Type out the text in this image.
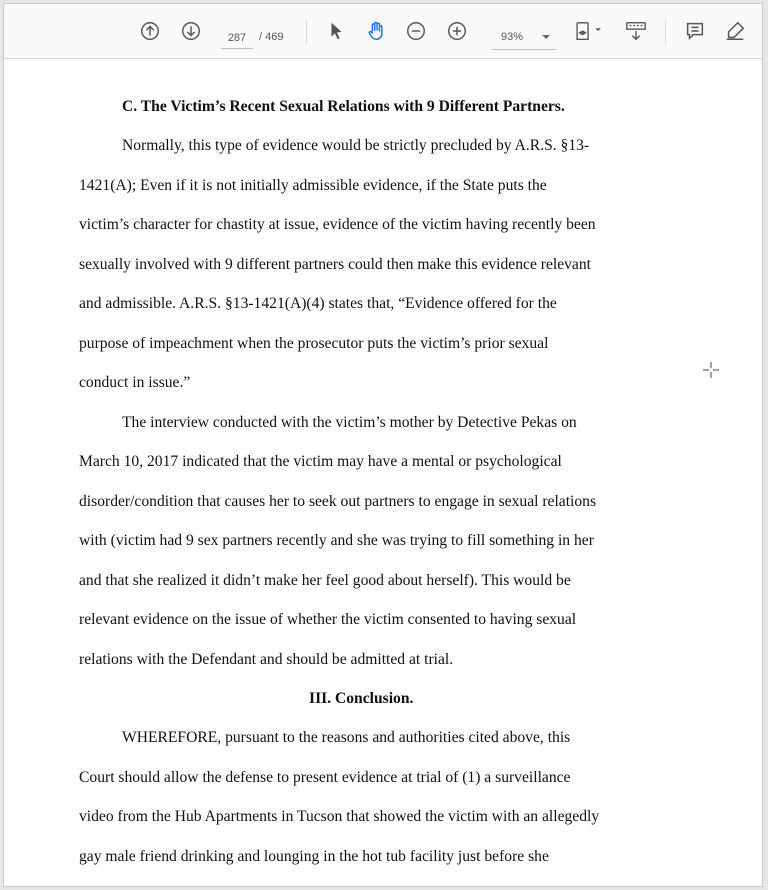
287
/ 469	93%
C. The Victim’s Recent Sexual Relations with 9 Different Partners.
Normally, this type of evidence would be strictly precluded by A.R.S. §13-
1421(A); Even if it is not initially admissible evidence, if the State puts the
victim’s character for chastity at issue, evidence of the victim having recently been
sexually involved with 9 different partners could then make this evidence relevant
and admissible. A.R.S. §13-1421(A)(4) states that, “Evidence offered for the
purpose of impeachment when the prosecutor puts the victim’s prior sexual
conduct in issue.”
The interview conducted with the victim’s mother by Detective Pekas on
March 10, 2017 indicated that the victim may have a mental or psychological
disorder/condition that causes her to seek out partners to engage in sexual relations
with (victim had 9 sex partners recently and she was trying to fill something in her
and that she realized it didn’t make her feel good about herself). This would be
relevant evidence on the issue of whether the victim consented to having sexual
relations with the Defendant and should be admitted at trial.
III. Conclusion.
WHEREFORE, pursuant to the reasons and authorities cited above, this
Court should allow the defense to present evidence at trial of (1) a surveillance
video from the Hub Apartments in Tucson that showed the victim with an allegedly
gay male friend drinking and lounging in the hot tub facility just before she
